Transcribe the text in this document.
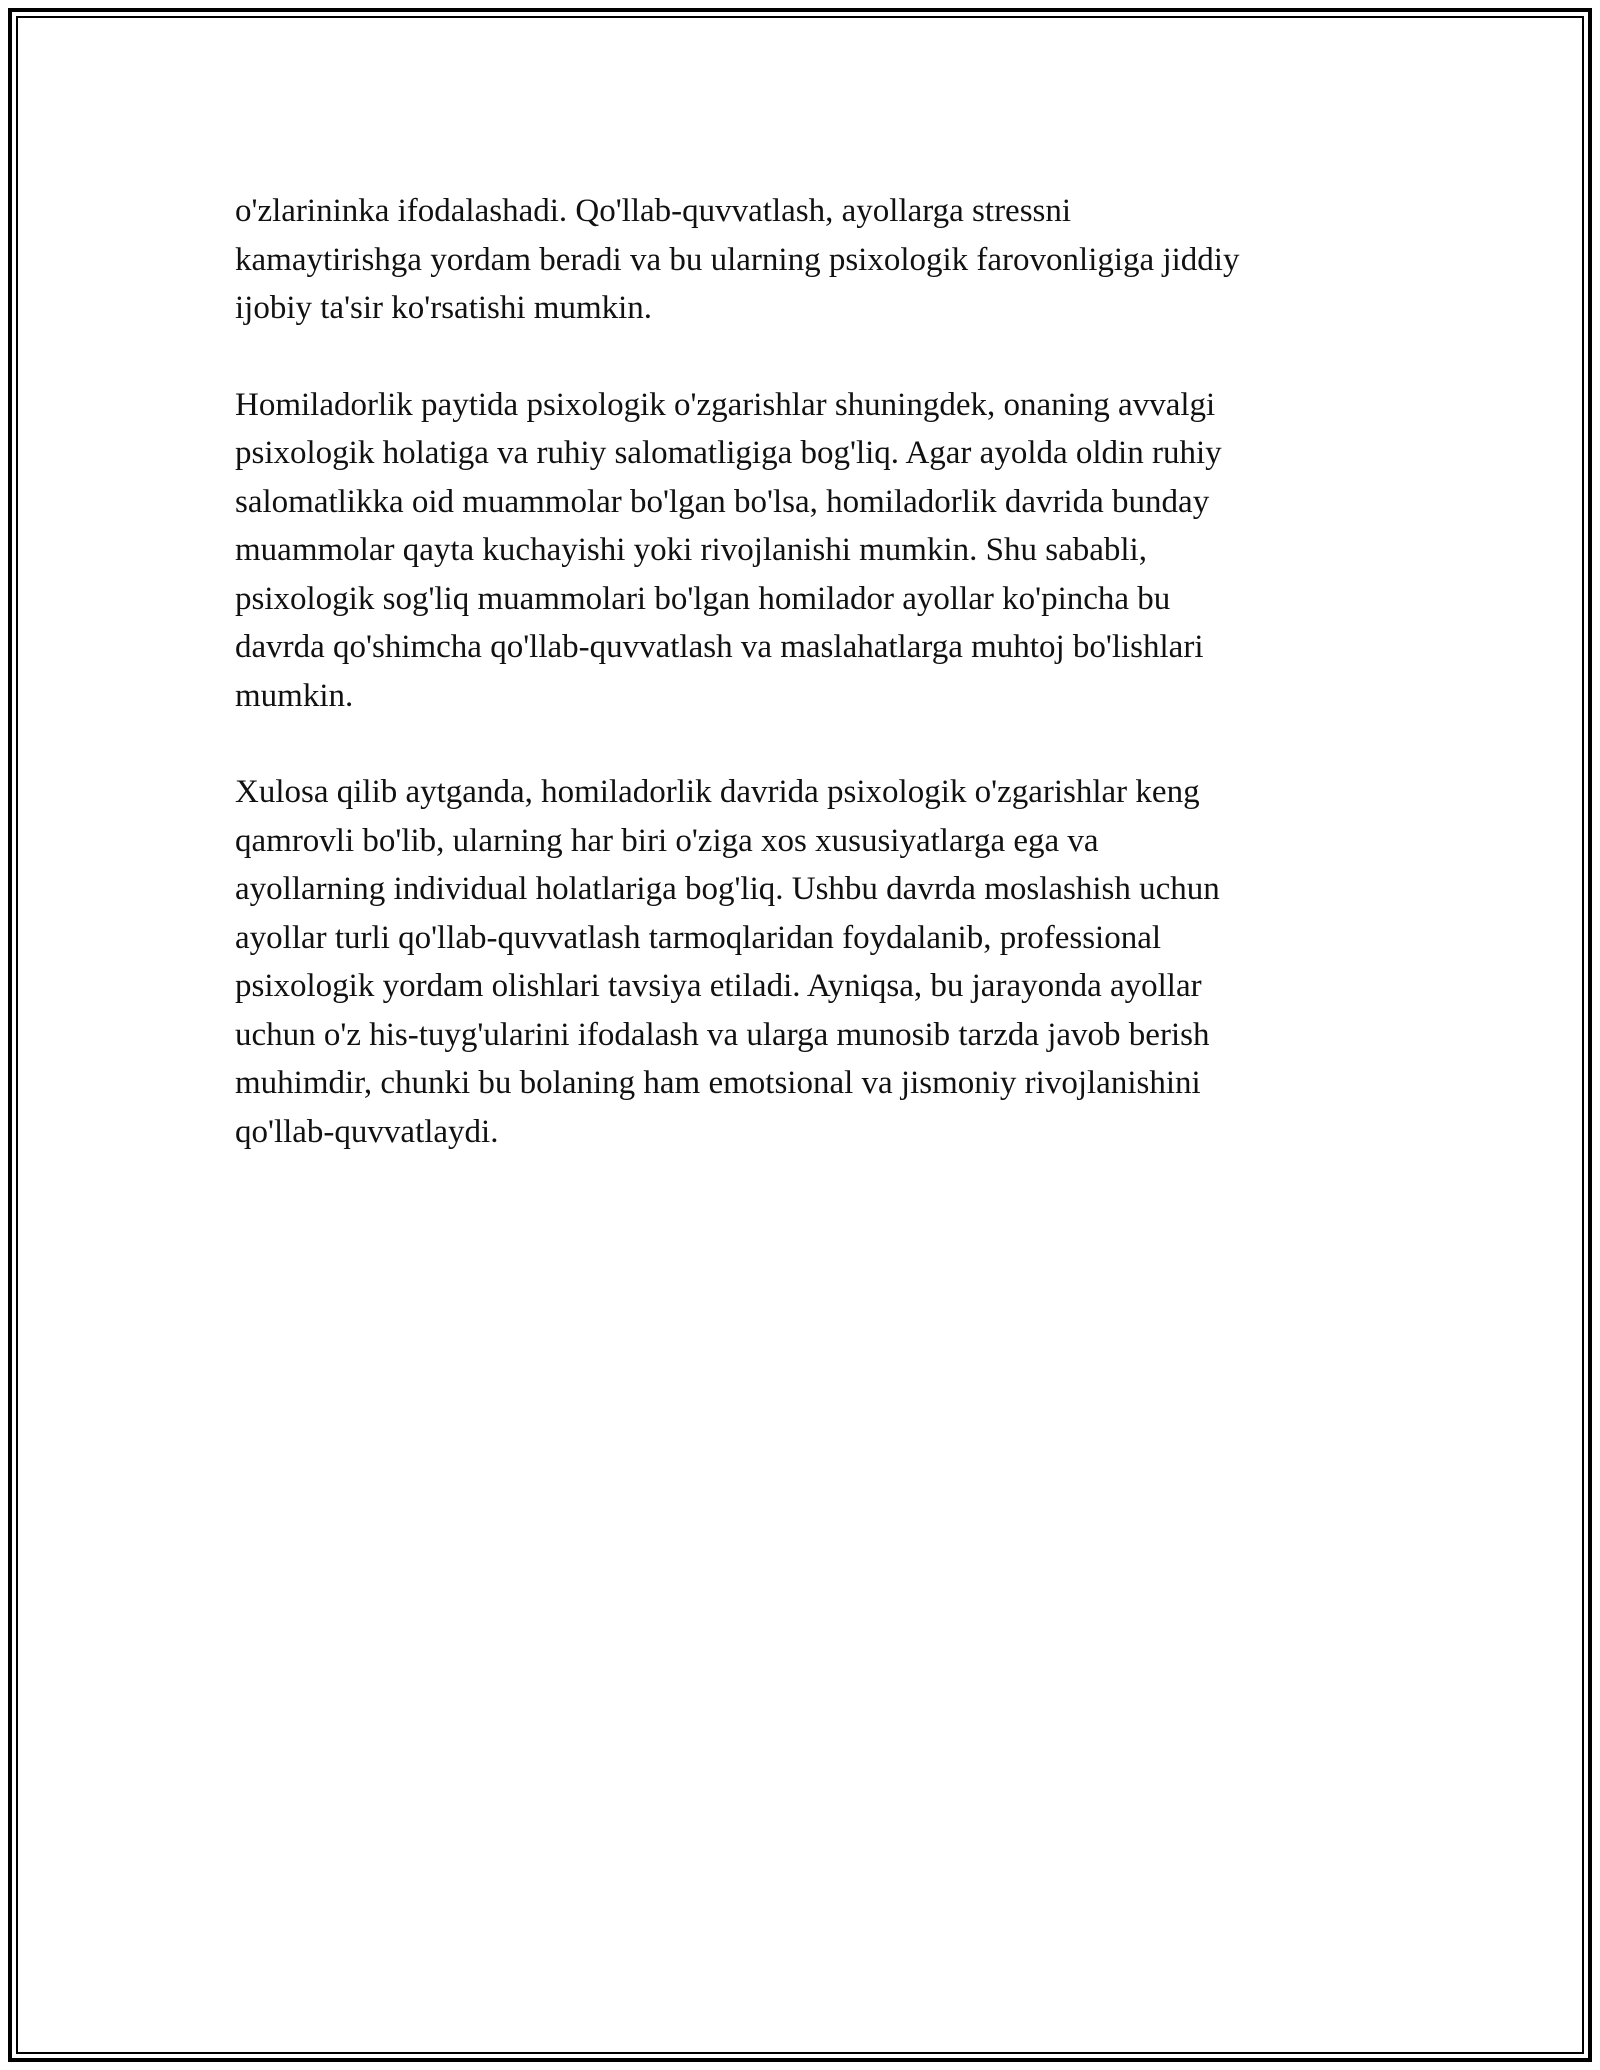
o'zlarininka ifodalashadi. Qo'llab-quvvatlash, ayollarga stressni
kamaytirishga yordam beradi va bu ularning psixologik farovonligiga jiddiy
ijobiy ta'sir ko'rsatishi mumkin.

Homiladorlik paytida psixologik o'zgarishlar shuningdek, onaning avvalgi
psixologik holatiga va ruhiy salomatligiga bog'liq. Agar ayolda oldin ruhiy
salomatlikka oid muammolar bo'lgan bo'lsa, homiladorlik davrida bunday
muammolar qayta kuchayishi yoki rivojlanishi mumkin. Shu sababli,
psixologik sog'liq muammolari bo'lgan homilador ayollar ko'pincha bu
davrda qo'shimcha qo'llab-quvvatlash va maslahatlarga muhtoj bo'lishlari
mumkin.

Xulosa qilib aytganda, homiladorlik davrida psixologik o'zgarishlar keng
qamrovli bo'lib, ularning har biri o'ziga xos xususiyatlarga ega va
ayollarning individual holatlariga bog'liq. Ushbu davrda moslashish uchun
ayollar turli qo'llab-quvvatlash tarmoqlaridan foydalanib, professional
psixologik yordam olishlari tavsiya etiladi. Ayniqsa, bu jarayonda ayollar
uchun o'z his-tuyg'ularini ifodalash va ularga munosib tarzda javob berish
muhimdir, chunki bu bolaning ham emotsional va jismoniy rivojlanishini
qo'llab-quvvatlaydi.
